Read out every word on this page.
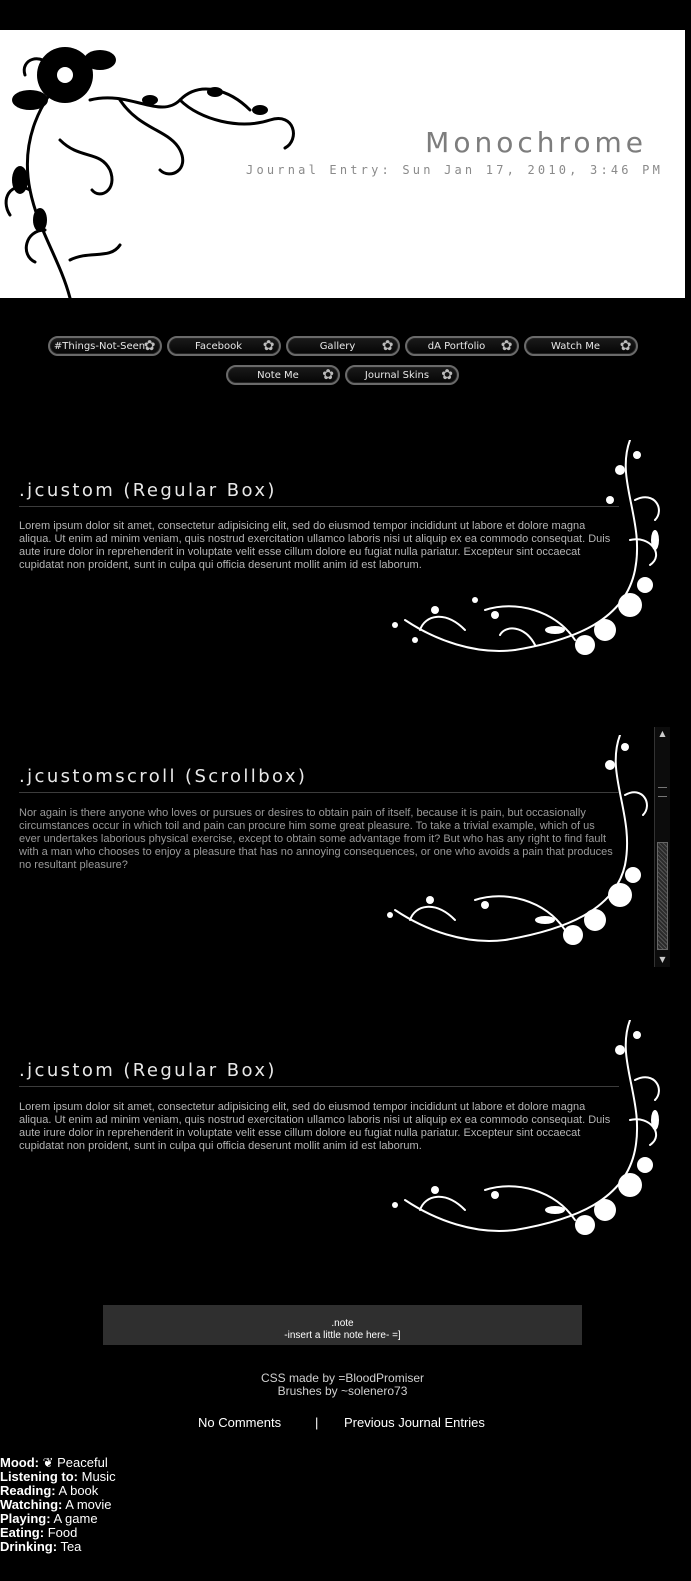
Monochrome
Journal Entry: Sun Jan 17, 2010, 3:46 PM
#Things-Not-Seen
✿	Facebook ✿	Gallery ✿	dA Portfolio ✿	Watch Me ✿
Note Me ✿	Journal Skins ✿
.jcustom (Regular Box)
Lorem ipsum dolor sit amet, consectetur adipisicing elit, sed do eiusmod tempor incididunt ut labore et dolore magna aliqua. Ut enim ad minim veniam, quis nostrud exercitation ullamco laboris nisi ut aliquip ex ea commodo consequat. Duis aute irure dolor in reprehenderit in voluptate velit esse cillum dolore eu fugiat nulla pariatur. Excepteur sint occaecat cupidatat non proident, sunt in culpa qui officia deserunt mollit anim id est laborum.
.jcustomscroll (Scrollbox)
Nor again is there anyone who loves or pursues or desires to obtain pain of itself, because it is pain, but occasionally circumstances occur in which toil and pain can procure him some great pleasure. To take a trivial example, which of us ever undertakes laborious physical exercise, except to obtain some advantage from it? But who has any right to find fault with a man who chooses to enjoy a pleasure that has no annoying consequences, or one who avoids a pain that produces no resultant pleasure?
▲
▼
.jcustom (Regular Box)
Lorem ipsum dolor sit amet, consectetur adipisicing elit, sed do eiusmod tempor incididunt ut labore et dolore magna aliqua. Ut enim ad minim veniam, quis nostrud exercitation ullamco laboris nisi ut aliquip ex ea commodo consequat. Duis aute irure dolor in reprehenderit in voluptate velit esse cillum dolore eu fugiat nulla pariatur. Excepteur sint occaecat cupidatat non proident, sunt in culpa qui officia deserunt mollit anim id est laborum.
.note
-insert a little note here- =]
CSS made by =BloodPromiser
Brushes by ~solenero73
No Comments	| Previous Journal Entries
Mood: ❦ Peaceful
Listening to: Music
Reading: A book
Watching: A movie
Playing: A game
Eating: Food
Drinking: Tea
